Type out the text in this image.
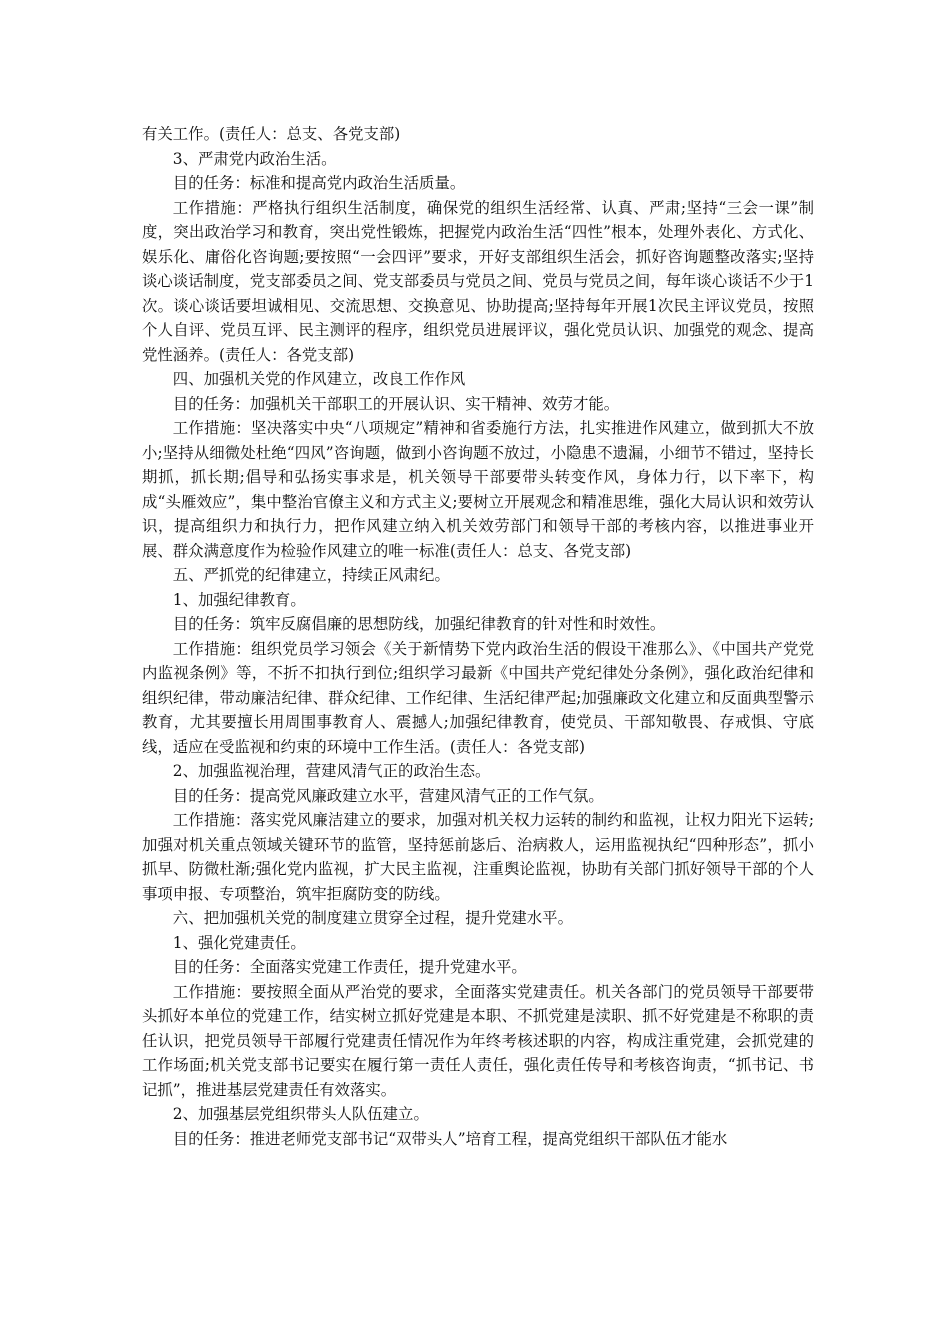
有关工作。(责任人：总支、各党支部)

3、严肃党内政治生活。

目的任务：标准和提高党内政治生活质量。

工作措施：严格执行组织生活制度，确保党的组织生活经常、认真、严肃;坚持“三会一课”制度，突出政治学习和教育，突出党性锻炼，把握党内政治生活“四性”根本，处理外表化、方式化、娱乐化、庸俗化咨询题;要按照“一会四评”要求，开好支部组织生活会，抓好咨询题整改落实;坚持谈心谈话制度，党支部委员之间、党支部委员与党员之间、党员与党员之间，每年谈心谈话不少于1次。谈心谈话要坦诚相见、交流思想、交换意见、协助提高;坚持每年开展1次民主评议党员，按照个人自评、党员互评、民主测评的程序，组织党员进展评议，强化党员认识、加强党的观念、提高党性涵养。(责任人：各党支部)

四、加强机关党的作风建立，改良工作作风

目的任务：加强机关干部职工的开展认识、实干精神、效劳才能。

工作措施：坚决落实中央“八项规定”精神和省委施行方法，扎实推进作风建立，做到抓大不放小;坚持从细微处杜绝“四风”咨询题，做到小咨询题不放过，小隐患不遗漏，小细节不错过，坚持长期抓，抓长期;倡导和弘扬实事求是，机关领导干部要带头转变作风，身体力行，以下率下，构成“头雁效应”，集中整治官僚主义和方式主义;要树立开展观念和精准思维，强化大局认识和效劳认识，提高组织力和执行力，把作风建立纳入机关效劳部门和领导干部的考核内容，以推进事业开展、群众满意度作为检验作风建立的唯一标准(责任人：总支、各党支部)

五、严抓党的纪律建立，持续正风肃纪。

1、加强纪律教育。

目的任务：筑牢反腐倡廉的思想防线，加强纪律教育的针对性和时效性。

工作措施：组织党员学习领会《关于新情势下党内政治生活的假设干准那么》、《中国共产党党内监视条例》等，不折不扣执行到位;组织学习最新《中国共产党纪律处分条例》，强化政治纪律和组织纪律，带动廉洁纪律、群众纪律、工作纪律、生活纪律严起;加强廉政文化建立和反面典型警示教育，尤其要擅长用周围事教育人、震撼人;加强纪律教育，使党员、干部知敬畏、存戒惧、守底线，适应在受监视和约束的环境中工作生活。(责任人：各党支部)

2、加强监视治理，营建风清气正的政治生态。

目的任务：提高党风廉政建立水平，营建风清气正的工作气氛。

工作措施：落实党风廉洁建立的要求，加强对机关权力运转的制约和监视，让权力阳光下运转;加强对机关重点领域关键环节的监管，坚持惩前毖后、治病救人，运用监视执纪“四种形态”，抓小抓早、防微杜渐;强化党内监视，扩大民主监视，注重舆论监视，协助有关部门抓好领导干部的个人事项申报、专项整治，筑牢拒腐防变的防线。

六、把加强机关党的制度建立贯穿全过程，提升党建水平。

1、强化党建责任。

目的任务：全面落实党建工作责任，提升党建水平。

工作措施：要按照全面从严治党的要求，全面落实党建责任。机关各部门的党员领导干部要带头抓好本单位的党建工作，结实树立抓好党建是本职、不抓党建是渎职、抓不好党建是不称职的责任认识，把党员领导干部履行党建责任情况作为年终考核述职的内容，构成注重党建，会抓党建的工作场面;机关党支部书记要实在履行第一责任人责任，强化责任传导和考核咨询责，“抓书记、书记抓”，推进基层党建责任有效落实。

2、加强基层党组织带头人队伍建立。

目的任务：推进老师党支部书记“双带头人”培育工程，提高党组织干部队伍才能水
